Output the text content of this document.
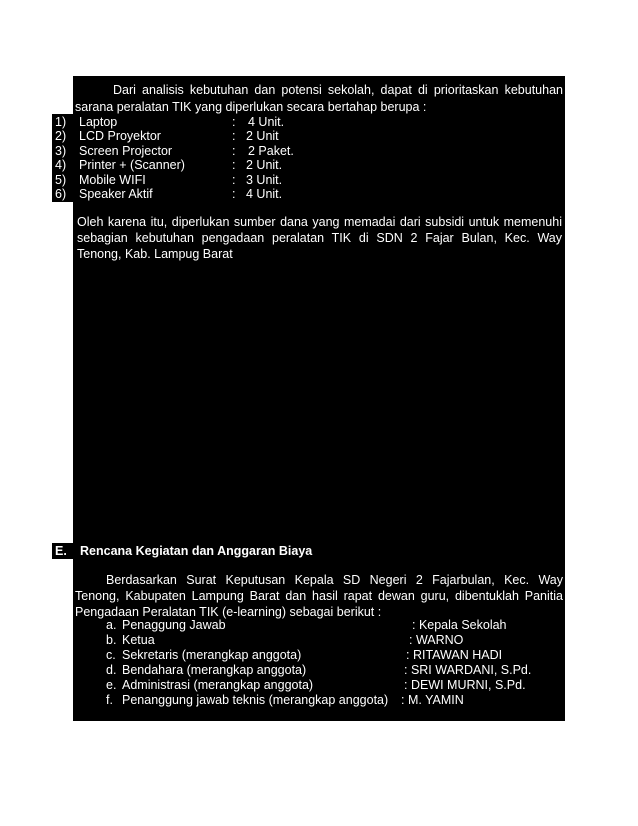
Dari analisis kebutuhan dan potensi sekolah, dapat di prioritaskan kebutuhan
sarana peralatan TIK yang diperlukan secara bertahap berupa :
1) Laptop	: 4 Unit.
2) LCD Proyektor	: 2 Unit
3) Screen Projector	: 2 Paket.
4) Printer + (Scanner)	: 2 Unit.
5) Mobile WIFI	: 3 Unit.
6) Speaker Aktif	: 4 Unit.
Oleh karena itu, diperlukan sumber dana yang memadai dari subsidi untuk memenuhi
sebagian kebutuhan pengadaan peralatan TIK di SDN 2 Fajar Bulan, Kec. Way
Tenong, Kab. Lampug Barat
E. Rencana Kegiatan dan Anggaran Biaya
Berdasarkan Surat Keputusan Kepala SD Negeri 2 Fajarbulan, Kec. Way
Tenong, Kabupaten Lampung Barat dan hasil rapat dewan guru, dibentuklah Panitia
Pengadaan Peralatan TIK (e-learning) sebagai berikut :
a. Penaggung Jawab	: Kepala Sekolah
b. Ketua	: WARNO
c. Sekretaris (merangkap anggota)	: RITAWAN HADI
d. Bendahara (merangkap anggota)	: SRI WARDANI, S.Pd.
e. Administrasi (merangkap anggota)	: DEWI MURNI, S.Pd.
f. Penanggung jawab teknis (merangkap anggota) : M. YAMIN
